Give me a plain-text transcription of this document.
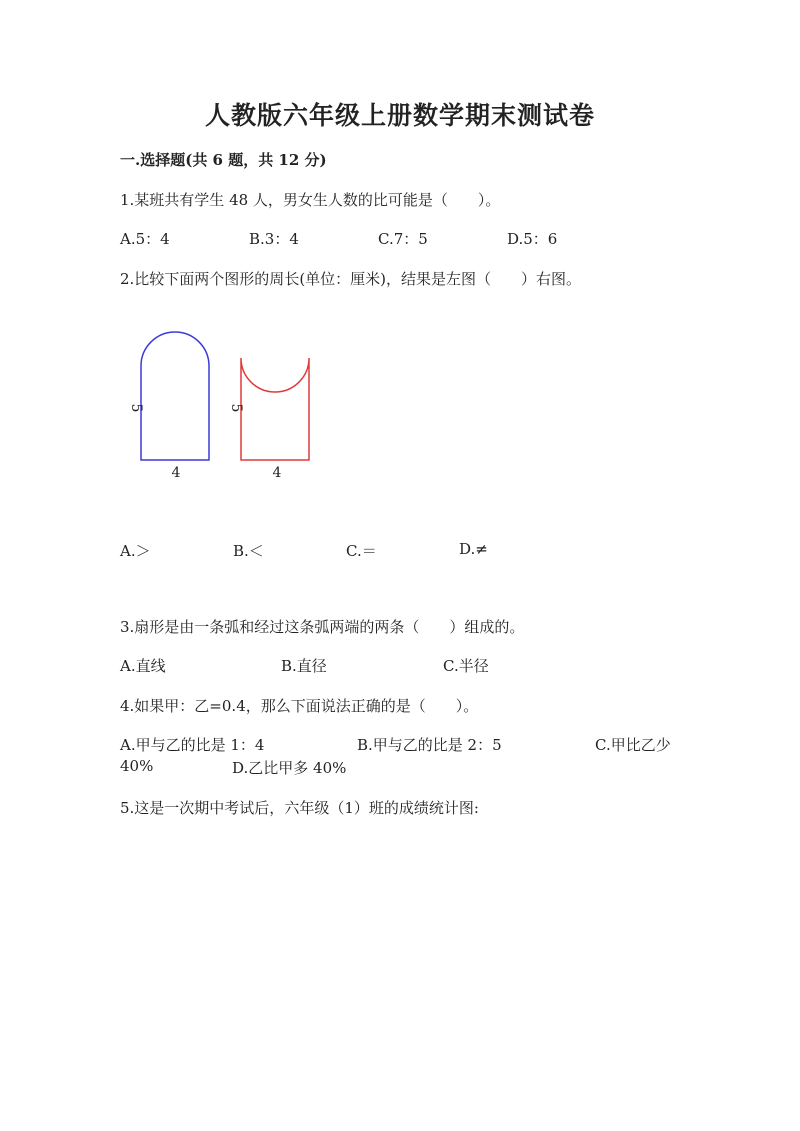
人教版六年级上册数学期末测试卷
一.选择题(共 6 题，共 12 分)
1.某班共有学生 48 人，男女生人数的比可能是（　　）。
A.5：4	B.3：4	C.7：5	D.5：6
2.比较下面两个图形的周长(单位：厘米)，结果是左图（　　）右图。
4
5
4
5
A.＞	B.＜	C.＝	D.≠
3.扇形是由一条弧和经过这条弧两端的两条（　　）组成的。
A.直线	B.直径	C.半径
4.如果甲：乙=0.4，那么下面说法正确的是（　　）。
A.甲与乙的比是 1：4	B.甲与乙的比是 2：5	C.甲比乙少
40%	D.乙比甲多 40%
5.这是一次期中考试后，六年级（1）班的成绩统计图:
